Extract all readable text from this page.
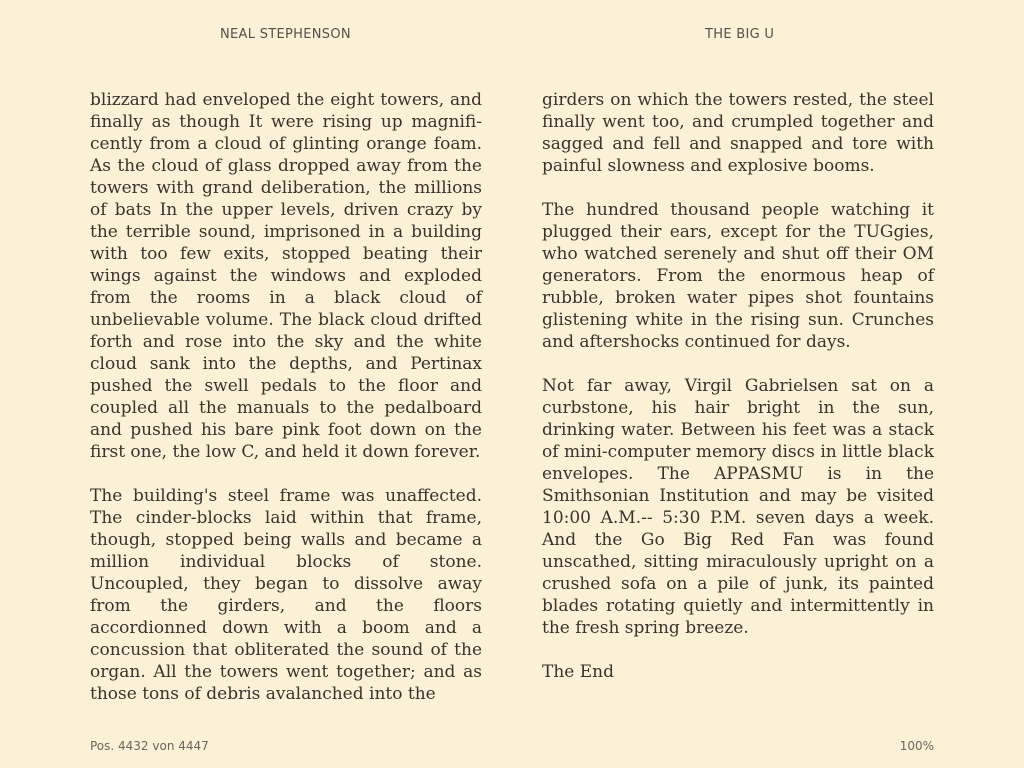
NEAL STEPHENSON	THE BIG U

blizzard had enveloped the eight towers, and finally as though It were rising up magnifi-cently from a cloud of glinting orange foam. As the cloud of glass dropped away from the towers with grand deliberation, the millions of bats In the upper levels, driven crazy by the terrible sound, imprisoned in a building with too few exits, stopped beating their wings against the windows and exploded from the rooms in a black cloud of unbelievable volume. The black cloud drifted forth and rose into the sky and the white cloud sank into the depths, and Pertinax pushed the swell pedals to the floor and coupled all the manuals to the pedalboard and pushed his bare pink foot down on the first one, the low C, and held it down forever.

The building's steel frame was unaffected. The cinder-blocks laid within that frame, though, stopped being walls and became a million individual blocks of stone. Uncoupled, they began to dissolve away from the girders, and the floors accordionned down with a boom and a concussion that obliterated the sound of the organ. All the towers went together; and as those tons of debris avalanched into the

girders on which the towers rested, the steel finally went too, and crumpled together and sagged and fell and snapped and tore with painful slowness and explosive booms.

The hundred thousand people watching it plugged their ears, except for the TUGgies, who watched serenely and shut off their OM generators. From the enormous heap of rubble, broken water pipes shot fountains glistening white in the rising sun. Crunches and aftershocks continued for days.

Not far away, Virgil Gabrielsen sat on a curbstone, his hair bright in the sun, drinking water. Between his feet was a stack of mini-computer memory discs in little black envelopes. The APPASMU is in the Smithsonian Institution and may be visited 10:00 A.M.-- 5:30 P.M. seven days a week. And the Go Big Red Fan was found unscathed, sitting miraculously upright on a crushed sofa on a pile of junk, its painted blades rotating quietly and intermittently in the fresh spring breeze.

The End

Pos. 4432 von 4447	100%
